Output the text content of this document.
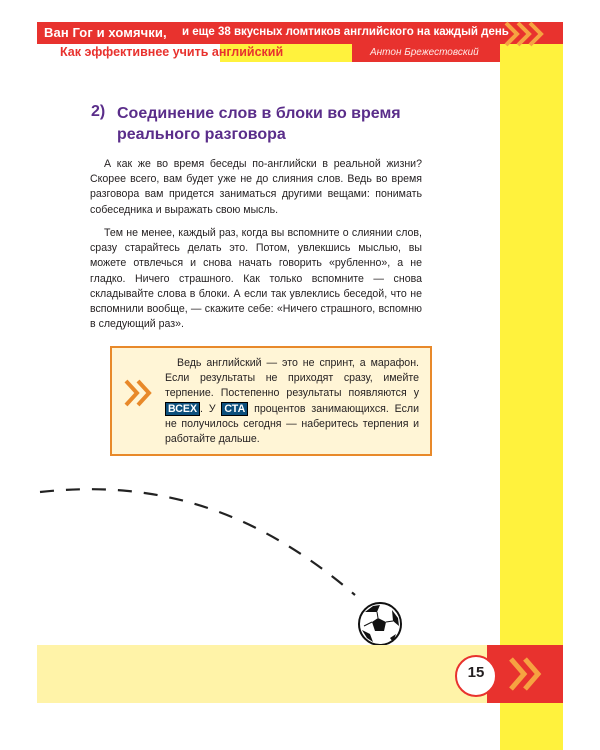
Ван Гог и хомячки, и еще 38 вкусных ломтиков английского на каждый день
Как эффективнее учить английский	Антон Брежестовский
2) Соединение слов в блоки во время реального разговора

А как же во время беседы по-английски в реальной жизни? Скорее всего, вам будет уже не до слияния слов. Ведь во время разговора вам придется заниматься другими вещами: понимать собеседника и выражать свою мысль.

Тем не менее, каждый раз, когда вы вспомните о слиянии слов, сразу старайтесь делать это. Потом, увлекшись мыслью, вы можете отвлечься и снова начать говорить «рубленно», а не гладко. Ничего страшного. Как только вспомните — снова складывайте слова в блоки. А если так увлеклись беседой, что не вспомнили вообще, — скажите себе: «Ничего страшного, вспомню в следующий раз».

Ведь английский — это не спринт, а марафон. Если результаты не приходят сразу, имейте терпение. Постепенно результаты появляются у ВСЕХ . У СТА процентов занимающихся. Если не получилось сегодня — наберитесь терпения и работайте дальше.

15
